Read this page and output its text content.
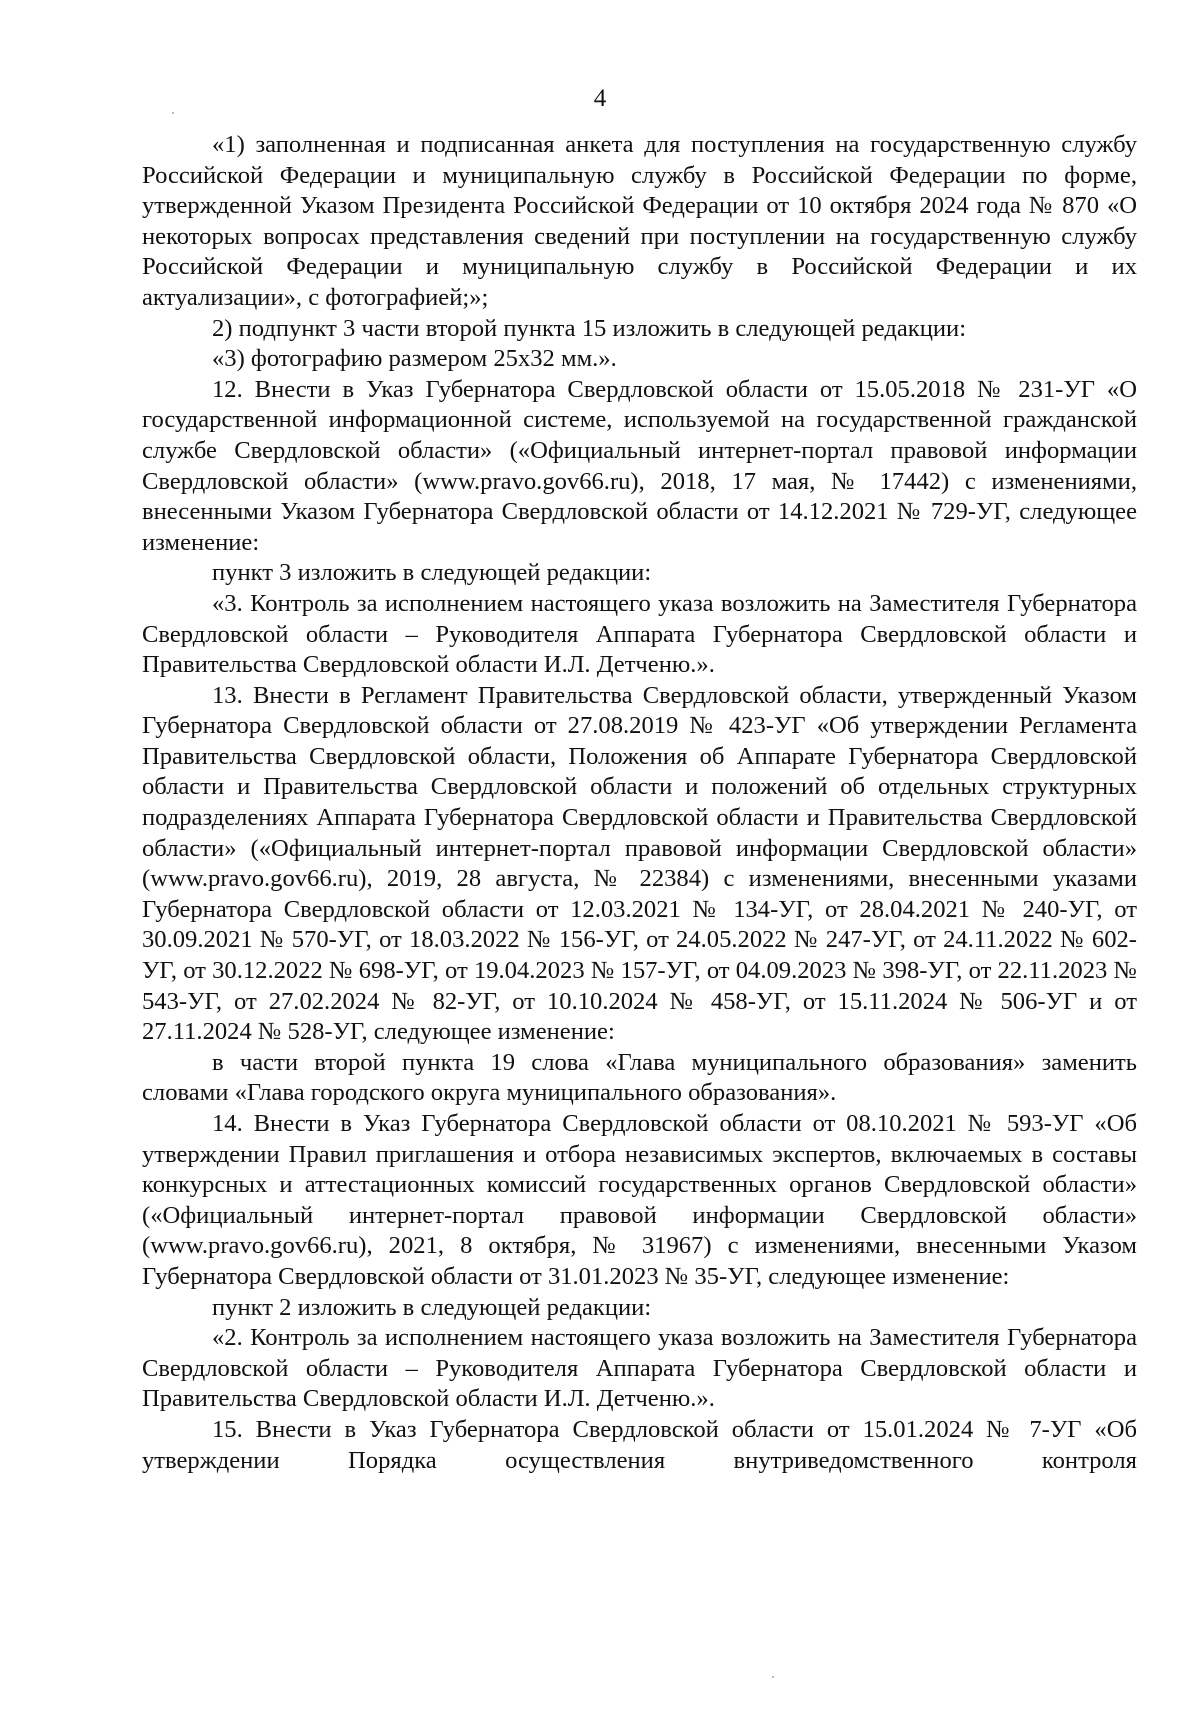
4

«1) заполненная и подписанная анкета для поступления на государственную службу Российской Федерации и муниципальную службу в Российской Федерации по форме, утвержденной Указом Президента Российской Федерации от 10 октября 2024 года № 870 «О некоторых вопросах представления сведений при поступлении на государственную службу Российской Федерации и муниципальную службу в Российской Федерации и их актуализации», с фотографией;»;

2) подпункт 3 части второй пункта 15 изложить в следующей редакции:

«3) фотографию размером 25х32 мм.».

12. Внести в Указ Губернатора Свердловской области от 15.05.2018 № 231-УГ «О государственной информационной системе, используемой на государственной гражданской службе Свердловской области» («Официальный интернет-портал правовой информации Свердловской области» (www.pravo.gov66.ru), 2018, 17 мая, № 17442) с изменениями, внесенными Указом Губернатора Свердловской области от 14.12.2021 № 729-УГ, следующее изменение:

пункт 3 изложить в следующей редакции:

«3. Контроль за исполнением настоящего указа возложить на Заместителя Губернатора Свердловской области – Руководителя Аппарата Губернатора Свердловской области и Правительства Свердловской области И.Л. Детченю.».

13. Внести в Регламент Правительства Свердловской области, утвержденный Указом Губернатора Свердловской области от 27.08.2019 № 423-УГ «Об утверждении Регламента Правительства Свердловской области, Положения об Аппарате Губернатора Свердловской области и Правительства Свердловской области и положений об отдельных структурных подразделениях Аппарата Губернатора Свердловской области и Правительства Свердловской области» («Официальный интернет-портал правовой информации Свердловской области» (www.pravo.gov66.ru), 2019, 28 августа, № 22384) с изменениями, внесенными указами Губернатора Свердловской области от 12.03.2021 № 134-УГ, от 28.04.2021 № 240-УГ, от 30.09.2021 № 570-УГ, от 18.03.2022 № 156-УГ, от 24.05.2022 № 247-УГ, от 24.11.2022 № 602-УГ, от 30.12.2022 № 698-УГ, от 19.04.2023 № 157-УГ, от 04.09.2023 № 398-УГ, от 22.11.2023 № 543-УГ, от 27.02.2024 № 82-УГ, от 10.10.2024 № 458-УГ, от 15.11.2024 № 506-УГ и от 27.11.2024 № 528-УГ, следующее изменение:

в части второй пункта 19 слова «Глава муниципального образования» заменить словами «Глава городского округа муниципального образования».

14. Внести в Указ Губернатора Свердловской области от 08.10.2021 № 593-УГ «Об утверждении Правил приглашения и отбора независимых экспертов, включаемых в составы конкурсных и аттестационных комиссий государственных органов Свердловской области» («Официальный интернет-портал правовой информации Свердловской области» (www.pravo.gov66.ru), 2021, 8 октября, № 31967) с изменениями, внесенными Указом Губернатора Свердловской области от 31.01.2023 № 35-УГ, следующее изменение:

пункт 2 изложить в следующей редакции:

«2. Контроль за исполнением настоящего указа возложить на Заместителя Губернатора Свердловской области – Руководителя Аппарата Губернатора Свердловской области и Правительства Свердловской области И.Л. Детченю.».

15. Внести в Указ Губернатора Свердловской области от 15.01.2024 № 7-УГ «Об утверждении Порядка осуществления внутриведомственного контроля
